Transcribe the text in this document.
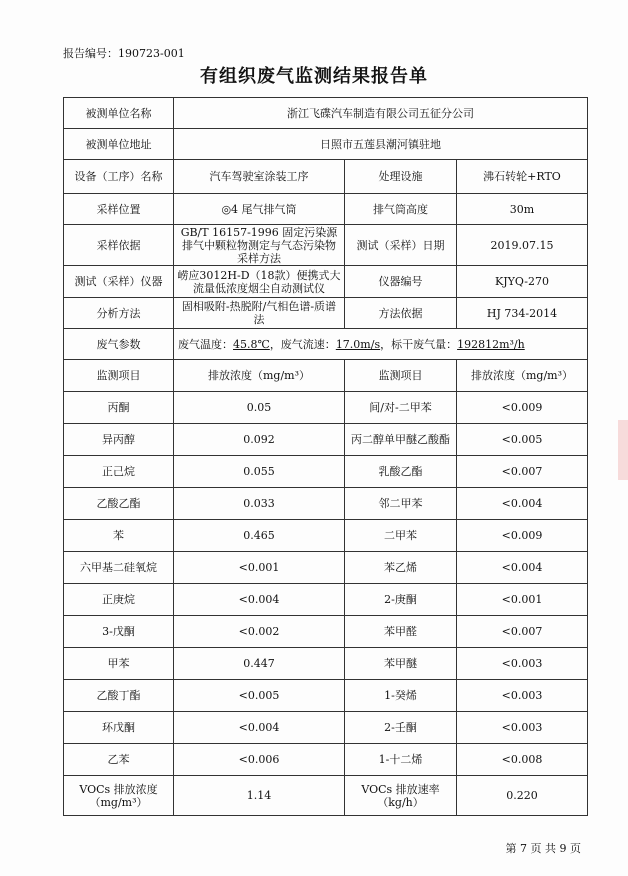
报告编号：190723-001
有组织废气监测结果报告单
被测单位名称	浙江飞碟汽车制造有限公司五征分公司		
被测单位地址	日照市五莲县潮河镇驻地		
设备（工序）名称	汽车驾驶室涂装工序	处理设施	沸石转轮+RTO
采样位置	◎4 尾气排气筒	排气筒高度	30m
采样依据	GB/T 16157-1996 固定污染源排气中颗粒物测定与气态污染物采样方法	测试（采样）日期	2019.07.15
测试（采样）仪器	崂应3012H-D（18款）便携式大流量低浓度烟尘自动测试仪	仪器编号	KJYQ-270
分析方法	固相吸附-热脱附/气相色谱-质谱法	方法依据	HJ 734-2014
废气参数	废气温度：45.8℃，废气流速：17.0m/s，标干废气量：192812m³/h		
监测项目	排放浓度（mg/m³）	监测项目	排放浓度（mg/m³）
丙酮	0.05	间/对-二甲苯	<0.009
异丙醇	0.092	丙二醇单甲醚乙酸酯	<0.005
正己烷	0.055	乳酸乙酯	<0.007
乙酸乙酯	0.033	邻二甲苯	<0.004
苯	0.465	二甲苯	<0.009
六甲基二硅氧烷	<0.001	苯乙烯	<0.004
正庚烷	<0.004	2-庚酮	<0.001
3-戊酮	<0.002	苯甲醛	<0.007
甲苯	0.447	苯甲醚	<0.003
乙酸丁酯	<0.005	1-癸烯	<0.003
环戊酮	<0.004	2-壬酮	<0.003
乙苯	<0.006	1-十二烯	<0.008
VOCs 排放浓度（mg/m³）	1.14	VOCs 排放速率（kg/h）	0.220
第 7 页 共 9 页
